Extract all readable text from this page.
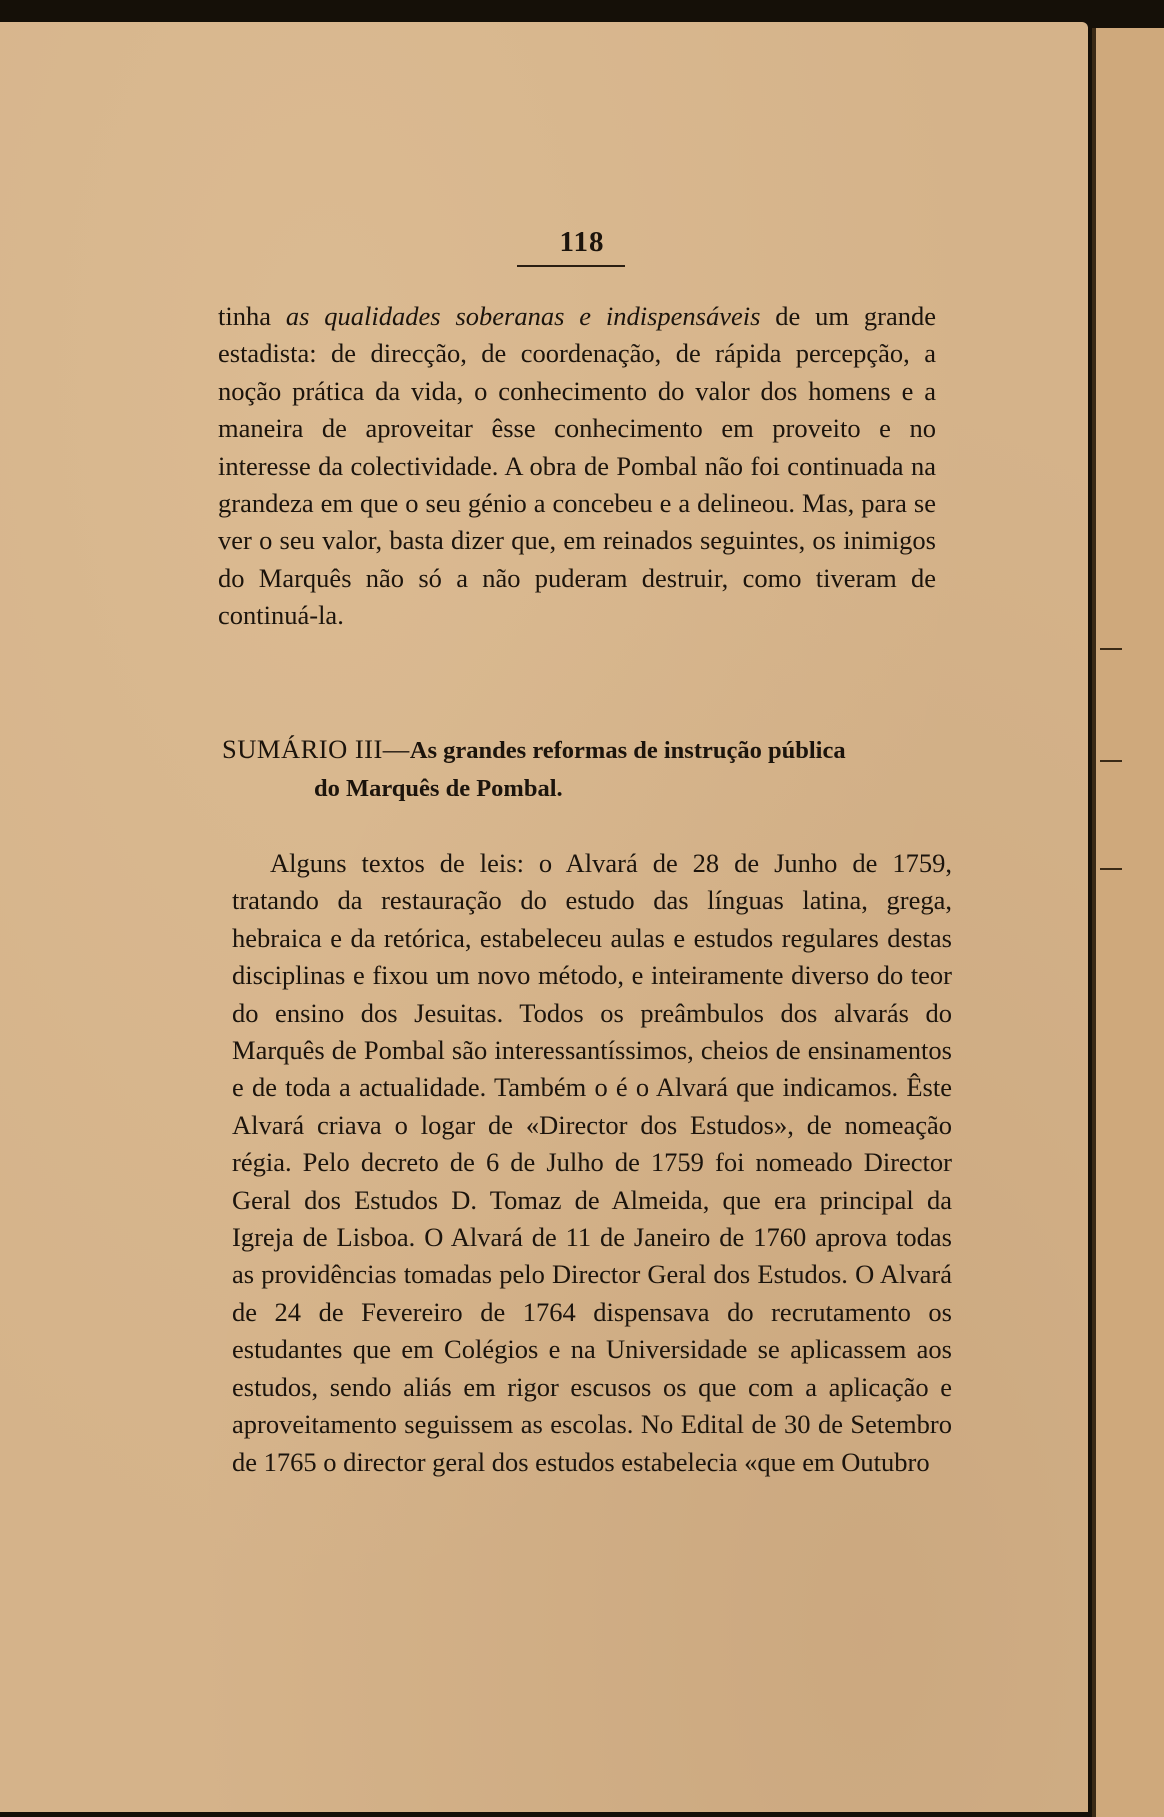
118

tinha as qualidades soberanas e indispensáveis de um grande estadista: de direcção, de coordenação, de rápida percepção, a noção prática da vida, o conhecimento do valor dos homens e a maneira de aproveitar êsse conhecimento em proveito e no interesse da colectividade. A obra de Pombal não foi continuada na grandeza em que o seu génio a concebeu e a delineou. Mas, para se ver o seu valor, basta dizer que, em reinados seguintes, os inimigos do Marquês não só a não puderam destruir, como tiveram de continuá-la.

SUMÁRIO III—As grandes reformas de instrução pública
do Marquês de Pombal.

Alguns textos de leis: o Alvará de 28 de Junho de 1759, tratando da restauração do estudo das línguas latina, grega, hebraica e da retórica, estabeleceu aulas e estudos regulares destas disciplinas e fixou um novo método, e inteiramente diverso do teor do ensino dos Jesuitas. Todos os preâmbulos dos alvarás do Marquês de Pombal são interessantíssimos, cheios de ensinamentos e de toda a actualidade. Também o é o Alvará que indicamos. Êste Alvará criava o logar de «Director dos Estudos», de nomeação régia. Pelo decreto de 6 de Julho de 1759 foi nomeado Director Geral dos Estudos D. Tomaz de Almeida, que era principal da Igreja de Lisboa. O Alvará de 11 de Janeiro de 1760 aprova todas as providências tomadas pelo Director Geral dos Estudos. O Alvará de 24 de Fevereiro de 1764 dispensava do recrutamento os estudantes que em Colégios e na Universidade se aplicassem aos estudos, sendo aliás em rigor escusos os que com a aplicação e aproveitamento seguissem as escolas. No Edital de 30 de Setembro de 1765 o director geral dos estudos estabelecia «que em Outubro
